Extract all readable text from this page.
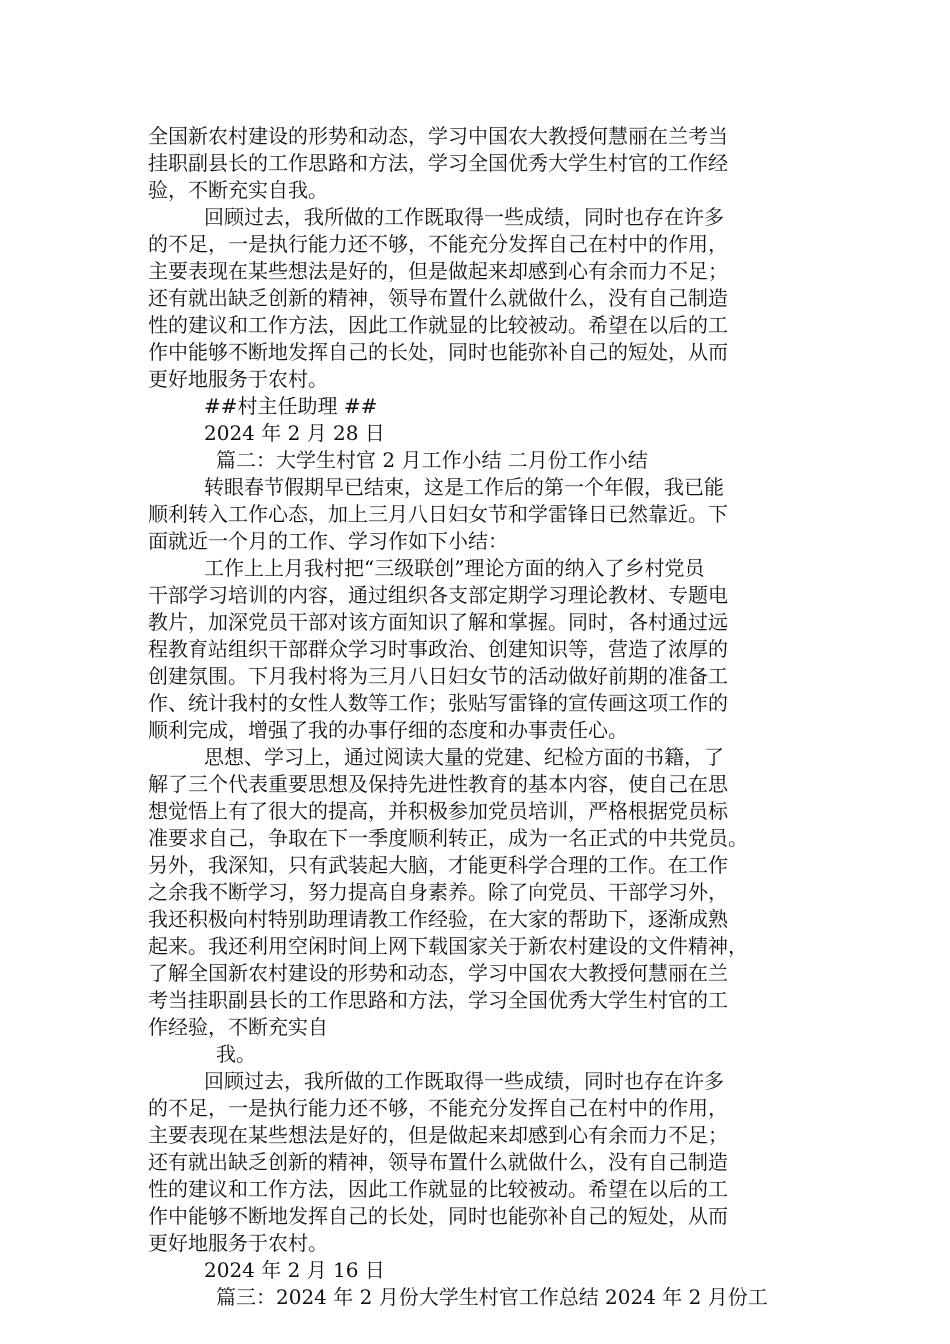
全国新农村建设的形势和动态，学习中国农大教授何慧丽在兰考当
挂职副县长的工作思路和方法，学习全国优秀大学生村官的工作经
验，不断充实自我。
回顾过去，我所做的工作既取得一些成绩，同时也存在许多
的不足，一是执行能力还不够，不能充分发挥自己在村中的作用，
主要表现在某些想法是好的，但是做起来却感到心有余而力不足；
还有就出缺乏创新的精神，领导布置什么就做什么，没有自己制造
性的建议和工作方法，因此工作就显的比较被动。希望在以后的工
作中能够不断地发挥自己的长处，同时也能弥补自己的短处，从而
更好地服务于农村。
##村主任助理 ##
2024 年 2 月 28 日
篇二：大学生村官 2 月工作小结 二月份工作小结
转眼春节假期早已结束，这是工作后的第一个年假，我已能
顺利转入工作心态，加上三月八日妇女节和学雷锋日已然靠近。下
面就近一个月的工作、学习作如下小结：
工作上上月我村把“三级联创”理论方面的纳入了乡村党员
干部学习培训的内容，通过组织各支部定期学习理论教材、专题电
教片，加深党员干部对该方面知识了解和掌握。同时，各村通过远
程教育站组织干部群众学习时事政治、创建知识等，营造了浓厚的
创建氛围。下月我村将为三月八日妇女节的活动做好前期的准备工
作、统计我村的女性人数等工作；张贴写雷锋的宣传画这项工作的
顺利完成，增强了我的办事仔细的态度和办事责任心。
思想、学习上，通过阅读大量的党建、纪检方面的书籍，了
解了三个代表重要思想及保持先进性教育的基本内容，使自己在思
想觉悟上有了很大的提高，并积极参加党员培训，严格根据党员标
准要求自己，争取在下一季度顺利转正，成为一名正式的中共党员。
另外，我深知，只有武装起大脑，才能更科学合理的工作。在工作
之余我不断学习，努力提高自身素养。除了向党员、干部学习外，
我还积极向村特别助理请教工作经验，在大家的帮助下，逐渐成熟
起来。我还利用空闲时间上网下载国家关于新农村建设的文件精神，
了解全国新农村建设的形势和动态，学习中国农大教授何慧丽在兰
考当挂职副县长的工作思路和方法，学习全国优秀大学生村官的工
作经验，不断充实自
我。
回顾过去，我所做的工作既取得一些成绩，同时也存在许多
的不足，一是执行能力还不够，不能充分发挥自己在村中的作用，
主要表现在某些想法是好的，但是做起来却感到心有余而力不足；
还有就出缺乏创新的精神，领导布置什么就做什么，没有自己制造
性的建议和工作方法，因此工作就显的比较被动。希望在以后的工
作中能够不断地发挥自己的长处，同时也能弥补自己的短处，从而
更好地服务于农村。
2024 年 2 月 16 日
篇三：2024 年 2 月份大学生村官工作总结 2024 年 2 月份工
